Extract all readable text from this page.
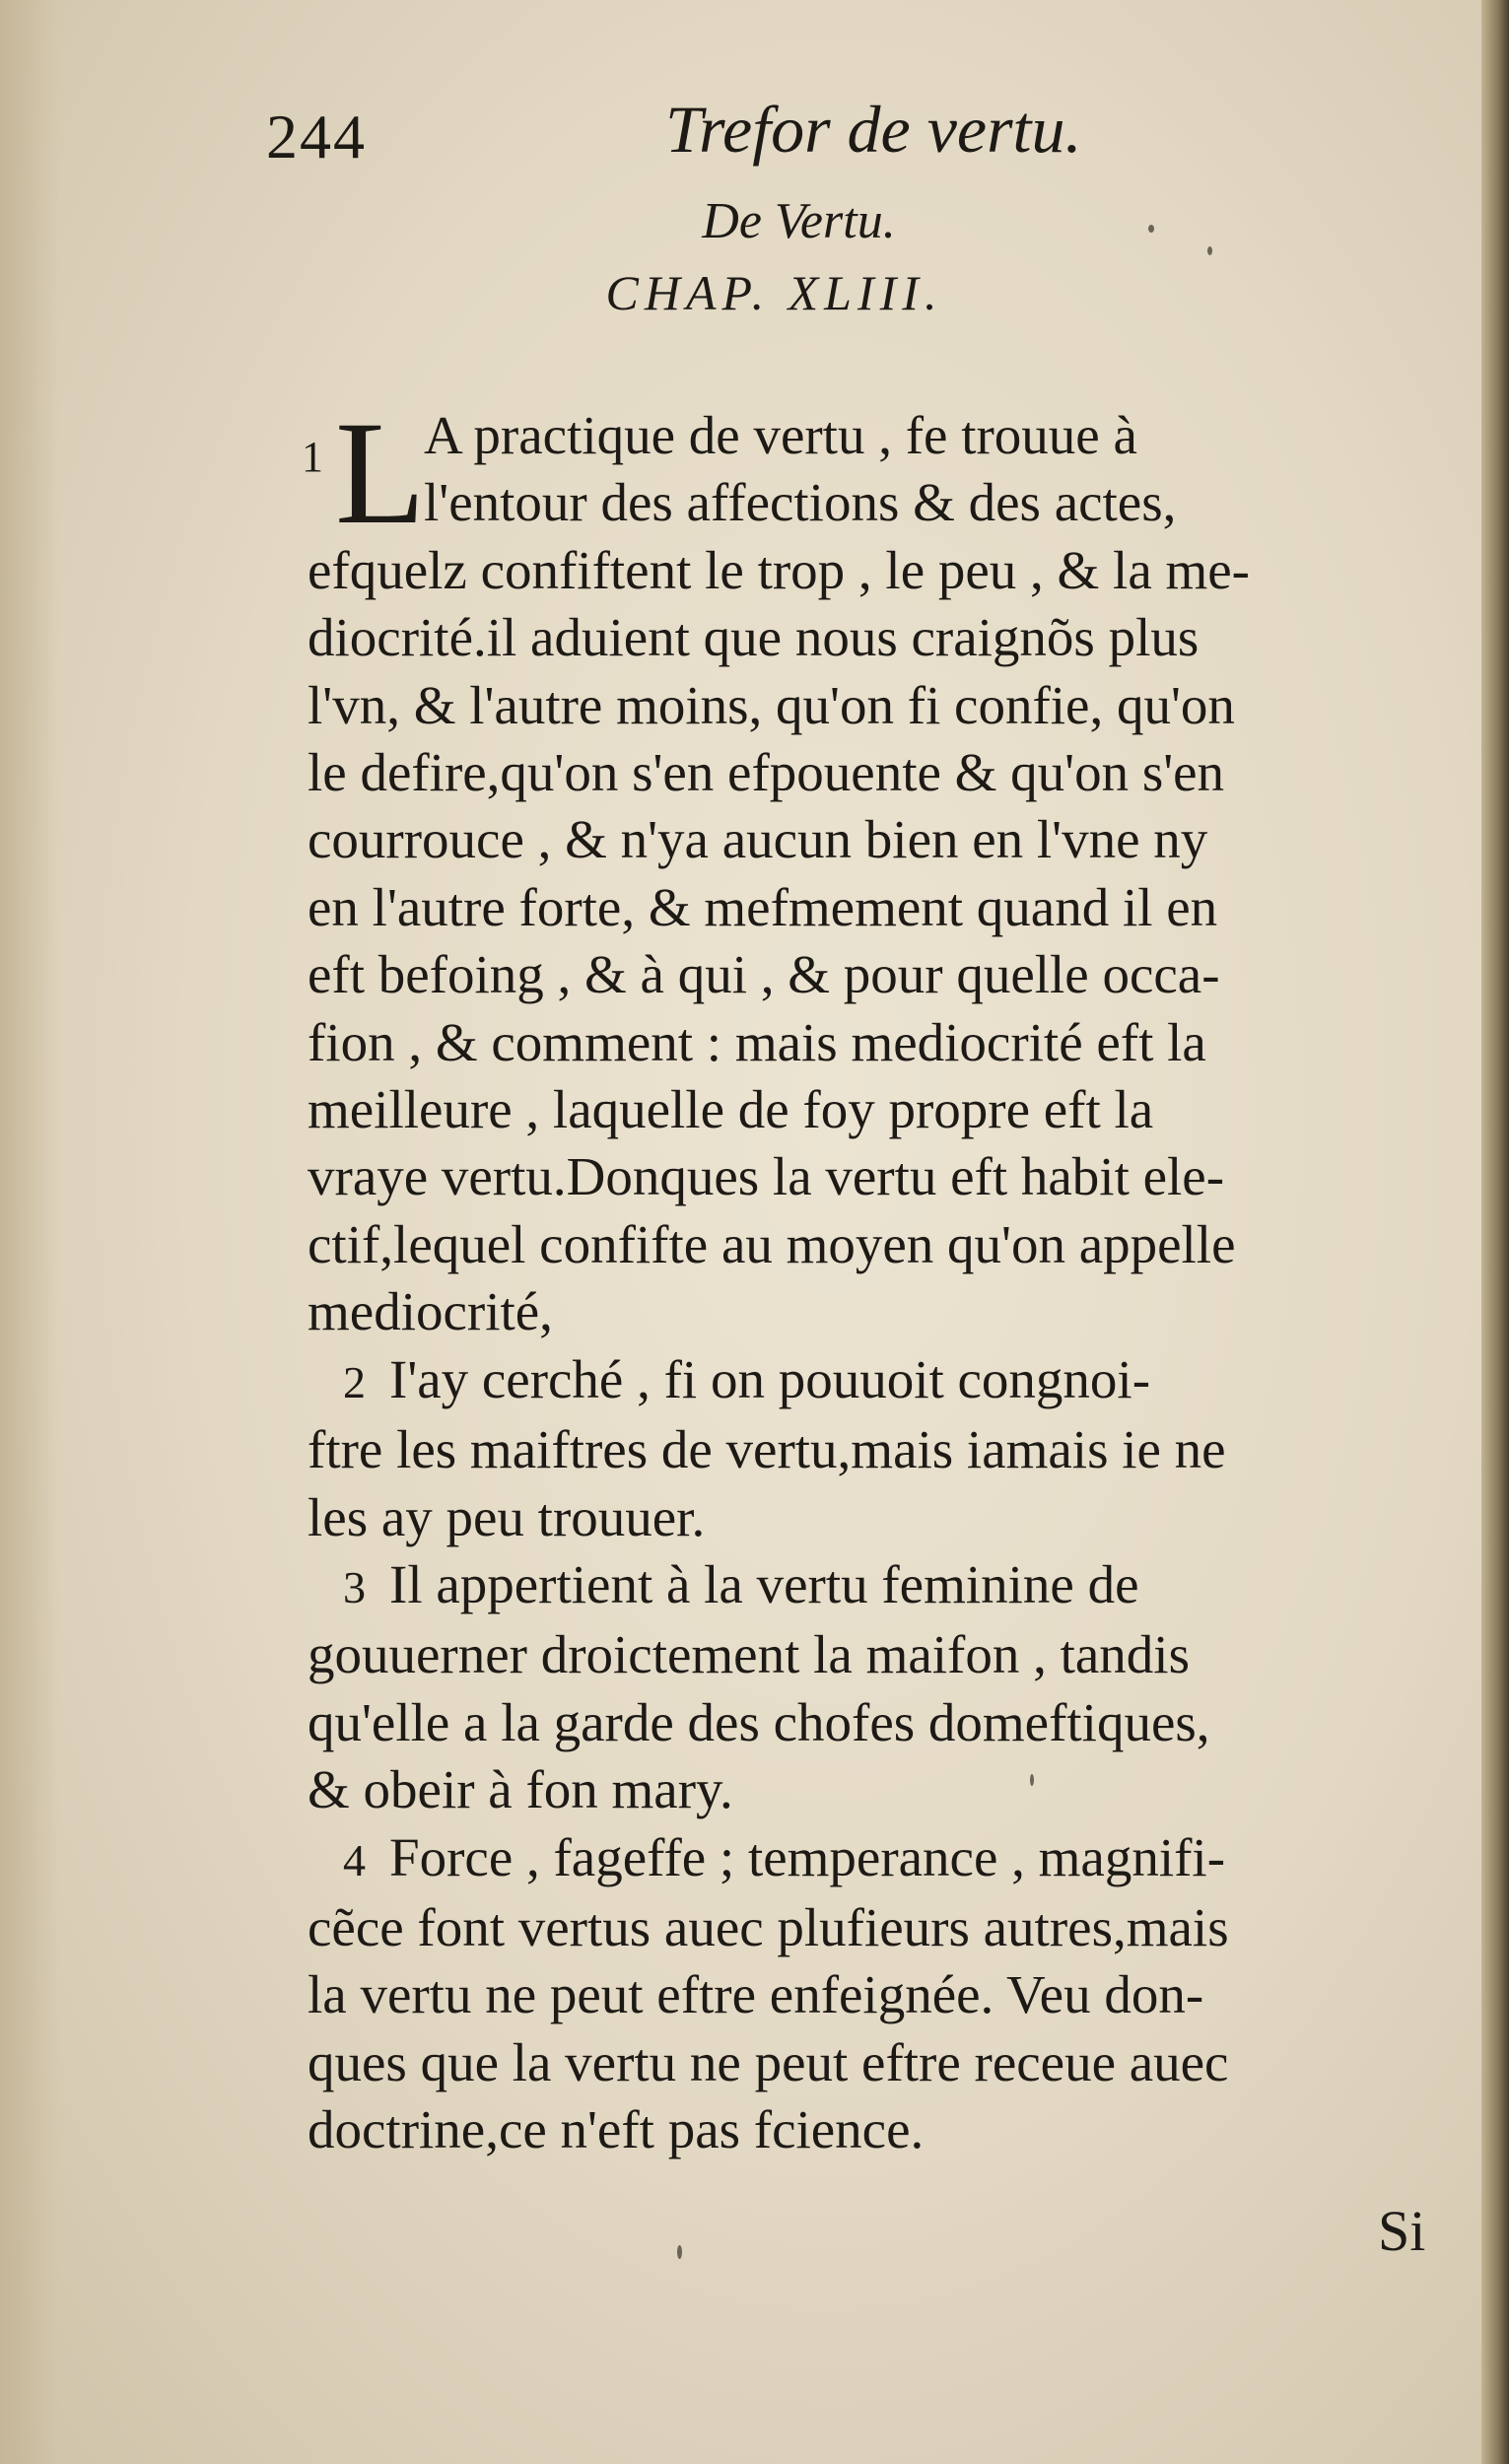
244	Trefor de vertu.
De Vertu.
CHAP. XLIII.
1 L
A practique de vertu , fe trouue à
l'entour des affections & des actes,
efquelz confiftent le trop , le peu , & la me-
diocrité.il aduient que nous craignõs plus
l'vn, & l'autre moins, qu'on fi confie, qu'on
le defire,qu'on s'en efpouente & qu'on s'en
courrouce , & n'ya aucun bien en l'vne ny
en l'autre forte, & mefmement quand il en
eft befoing , & à qui , & pour quelle occa-
fion , & comment : mais mediocrité eft la
meilleure , laquelle de foy propre eft la
vraye vertu.Donques la vertu eft habit ele-
ctif,lequel confifte au moyen qu'on appelle
mediocrité,
2 I'ay cerché , fi on pouuoit congnoi-
ftre les maiftres de vertu,mais iamais ie ne
les ay peu trouuer.
3 Il appertient à la vertu feminine de
gouuerner droictement la maifon , tandis
qu'elle a la garde des chofes domeftiques,
& obeir à fon mary.
4 Force , fageffe ; temperance , magnifi-
cẽce font vertus auec plufieurs autres,mais
la vertu ne peut eftre enfeignée. Veu don-
ques que la vertu ne peut eftre receue auec
doctrine,ce n'eft pas fcience.
Si
